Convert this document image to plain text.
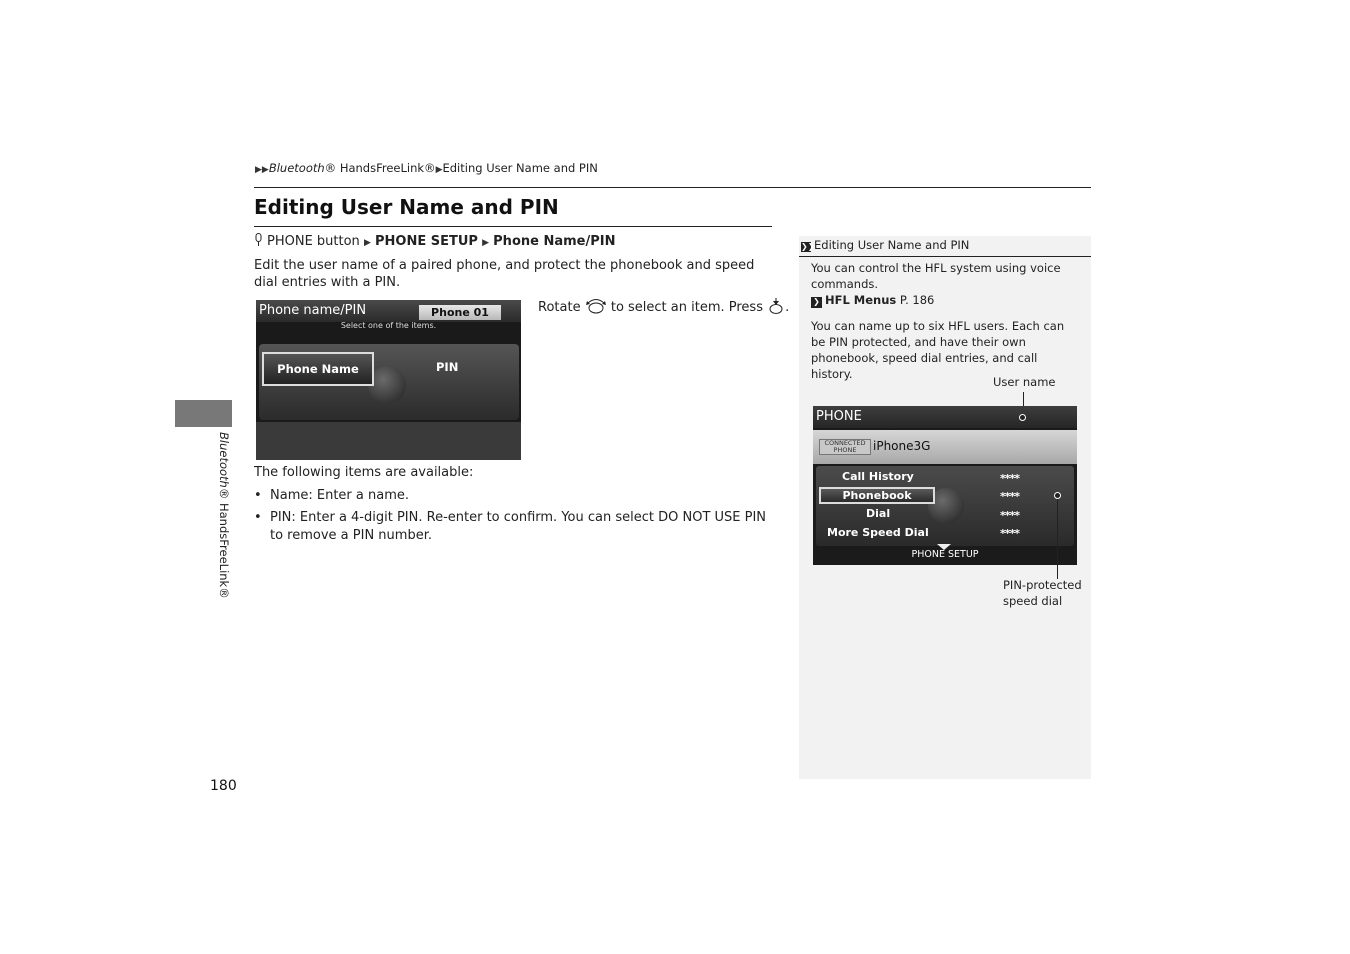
▶▶Bluetooth® HandsFreeLink®▶Editing User Name and PIN
Editing User Name and PIN
PHONE button ▶ PHONE SETUP ▶ Phone Name/PIN
Edit the user name of a paired phone, and protect the phonebook and speed dial entries with a PIN.
Phone name/PIN	Phone 01
Select one of the items.
Phone Name	PIN
Rotate to select an item. Press .
The following items are available:
• Name: Enter a name.
• PIN: Enter a 4-digit PIN. Re-enter to confirm. You can select DO NOT USE PIN to remove a PIN number.
Bluetooth® HandsFreeLink®
180
❯❯Editing User Name and PIN
You can control the HFL system using voice commands.
❯ HFL Menus P. 186
You can name up to six HFL users. Each can be PIN protected, and have their own phonebook, speed dial entries, and call history.
User name
PHONE
CONNECTED
PHONE	iPhone3G
Call History
Phonebook
Dial
More Speed Dial
****
****
****
****
PHONE SETUP
PIN-protected
speed dial
